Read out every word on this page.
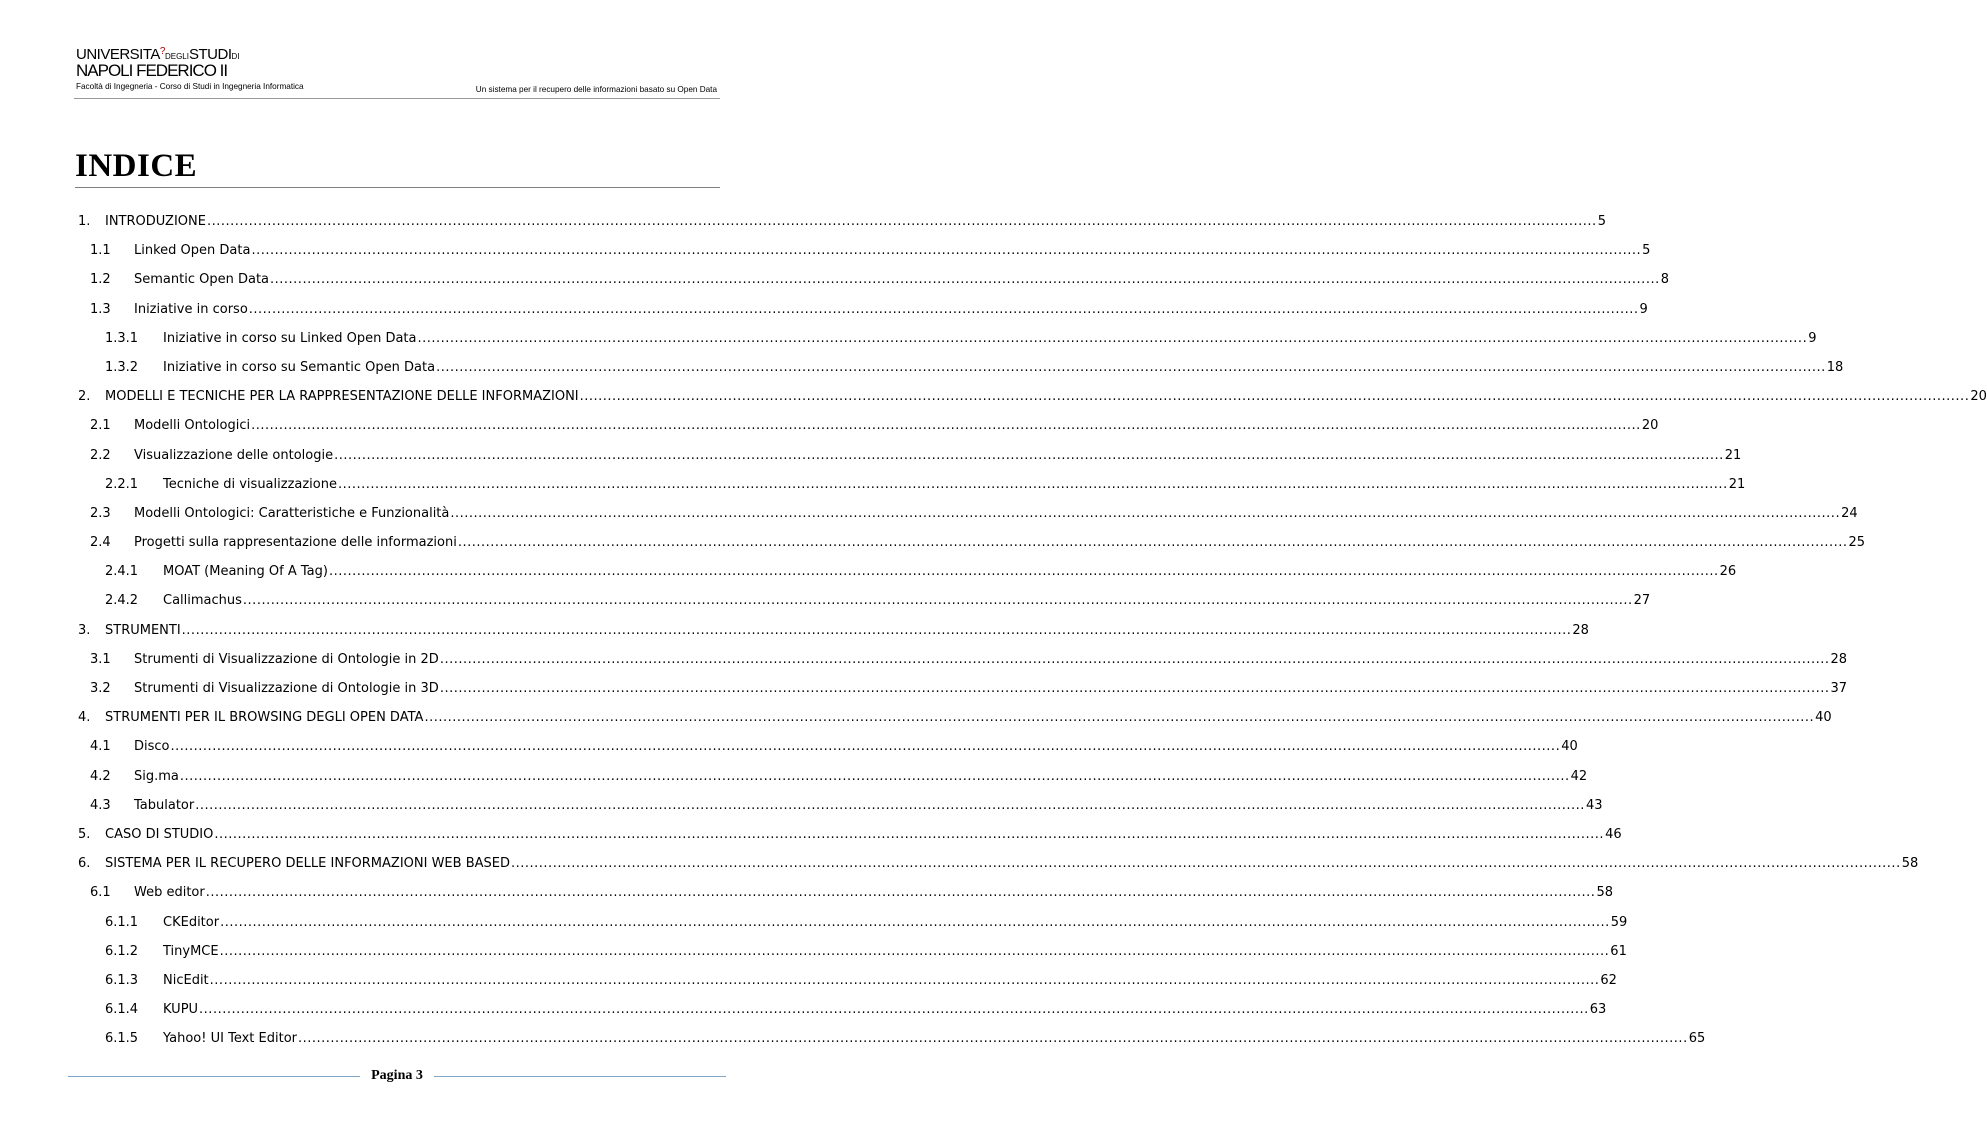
UNIVERSITA?DEGLISTUDIDI
NAPOLI FEDERICO II
Facoltà di Ingegneria - Corso di Studi in Ingegneria Informatica	Un sistema per il recupero delle informazioni basato su Open Data
INDICE
1. INTRODUZIONE ............................................................................................................................................................................................................................................................................................................ 5
1.1 Linked Open Data ............................................................................................................................................................................................................................................................................................................ 5
1.2 Semantic Open Data ............................................................................................................................................................................................................................................................................................................ 8
1.3 Iniziative in corso ............................................................................................................................................................................................................................................................................................................ 9
1.3.1 Iniziative in corso su Linked Open Data ............................................................................................................................................................................................................................................................................................................ 9
1.3.2 Iniziative in corso su Semantic Open Data ............................................................................................................................................................................................................................................................................................................ 18
2. MODELLI E TECNICHE PER LA RAPPRESENTAZIONE DELLE INFORMAZIONI ............................................................................................................................................................................................................................................................................................................ 20
2.1 Modelli Ontologici ............................................................................................................................................................................................................................................................................................................ 20
2.2 Visualizzazione delle ontologie ............................................................................................................................................................................................................................................................................................................ 21
2.2.1 Tecniche di visualizzazione ............................................................................................................................................................................................................................................................................................................ 21
2.3 Modelli Ontologici: Caratteristiche e Funzionalità ............................................................................................................................................................................................................................................................................................................ 24
2.4 Progetti sulla rappresentazione delle informazioni ............................................................................................................................................................................................................................................................................................................ 25
2.4.1 MOAT (Meaning Of A Tag) ............................................................................................................................................................................................................................................................................................................ 26
2.4.2 Callimachus ............................................................................................................................................................................................................................................................................................................ 27
3. STRUMENTI ............................................................................................................................................................................................................................................................................................................ 28
3.1 Strumenti di Visualizzazione di Ontologie in 2D ............................................................................................................................................................................................................................................................................................................ 28
3.2 Strumenti di Visualizzazione di Ontologie in 3D ............................................................................................................................................................................................................................................................................................................ 37
4. STRUMENTI PER IL BROWSING DEGLI OPEN DATA ............................................................................................................................................................................................................................................................................................................ 40
4.1 Disco ............................................................................................................................................................................................................................................................................................................ 40
4.2 Sig.ma ............................................................................................................................................................................................................................................................................................................ 42
4.3 Tabulator ............................................................................................................................................................................................................................................................................................................ 43
5. CASO DI STUDIO ............................................................................................................................................................................................................................................................................................................ 46
6. SISTEMA PER IL RECUPERO DELLE INFORMAZIONI WEB BASED ............................................................................................................................................................................................................................................................................................................ 58
6.1 Web editor ............................................................................................................................................................................................................................................................................................................ 58
6.1.1 CKEditor ............................................................................................................................................................................................................................................................................................................ 59
6.1.2 TinyMCE ............................................................................................................................................................................................................................................................................................................ 61
6.1.3 NicEdit ............................................................................................................................................................................................................................................................................................................ 62
6.1.4 KUPU ............................................................................................................................................................................................................................................................................................................ 63
6.1.5 Yahoo! UI Text Editor ............................................................................................................................................................................................................................................................................................................ 65
Pagina 3
